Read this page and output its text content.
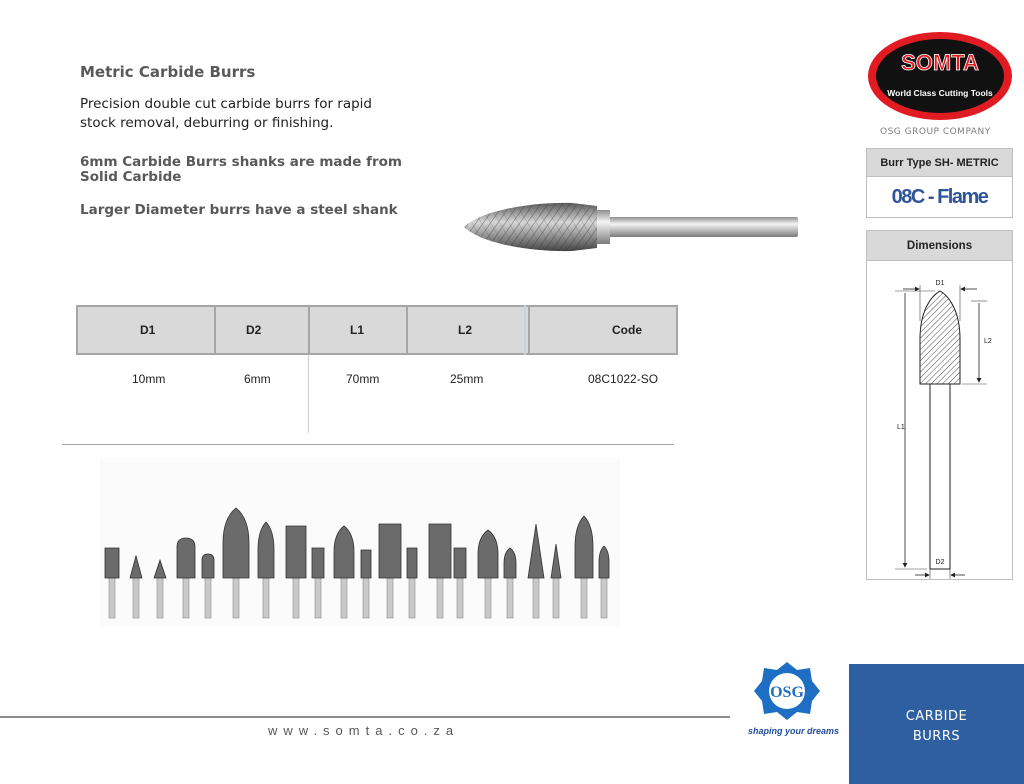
Metric Carbide Burrs
Precision double cut carbide burrs for rapid stock removal, deburring or finishing.
6mm Carbide Burrs shanks are made from Solid Carbide
Larger Diameter burrs have a steel shank
D1	D2	L1	L2	Code
10mm	6mm	70mm	25mm	08C1022-SO
SOMTA
World Class Cutting Tools
OSG GROUP COMPANY
Burr Type SH- METRIC
08C - Flame
Dimensions
D1
L2
L1
D2
www.somta.co.za
OSG
shaping your dreams
CARBIDE
BURRS
